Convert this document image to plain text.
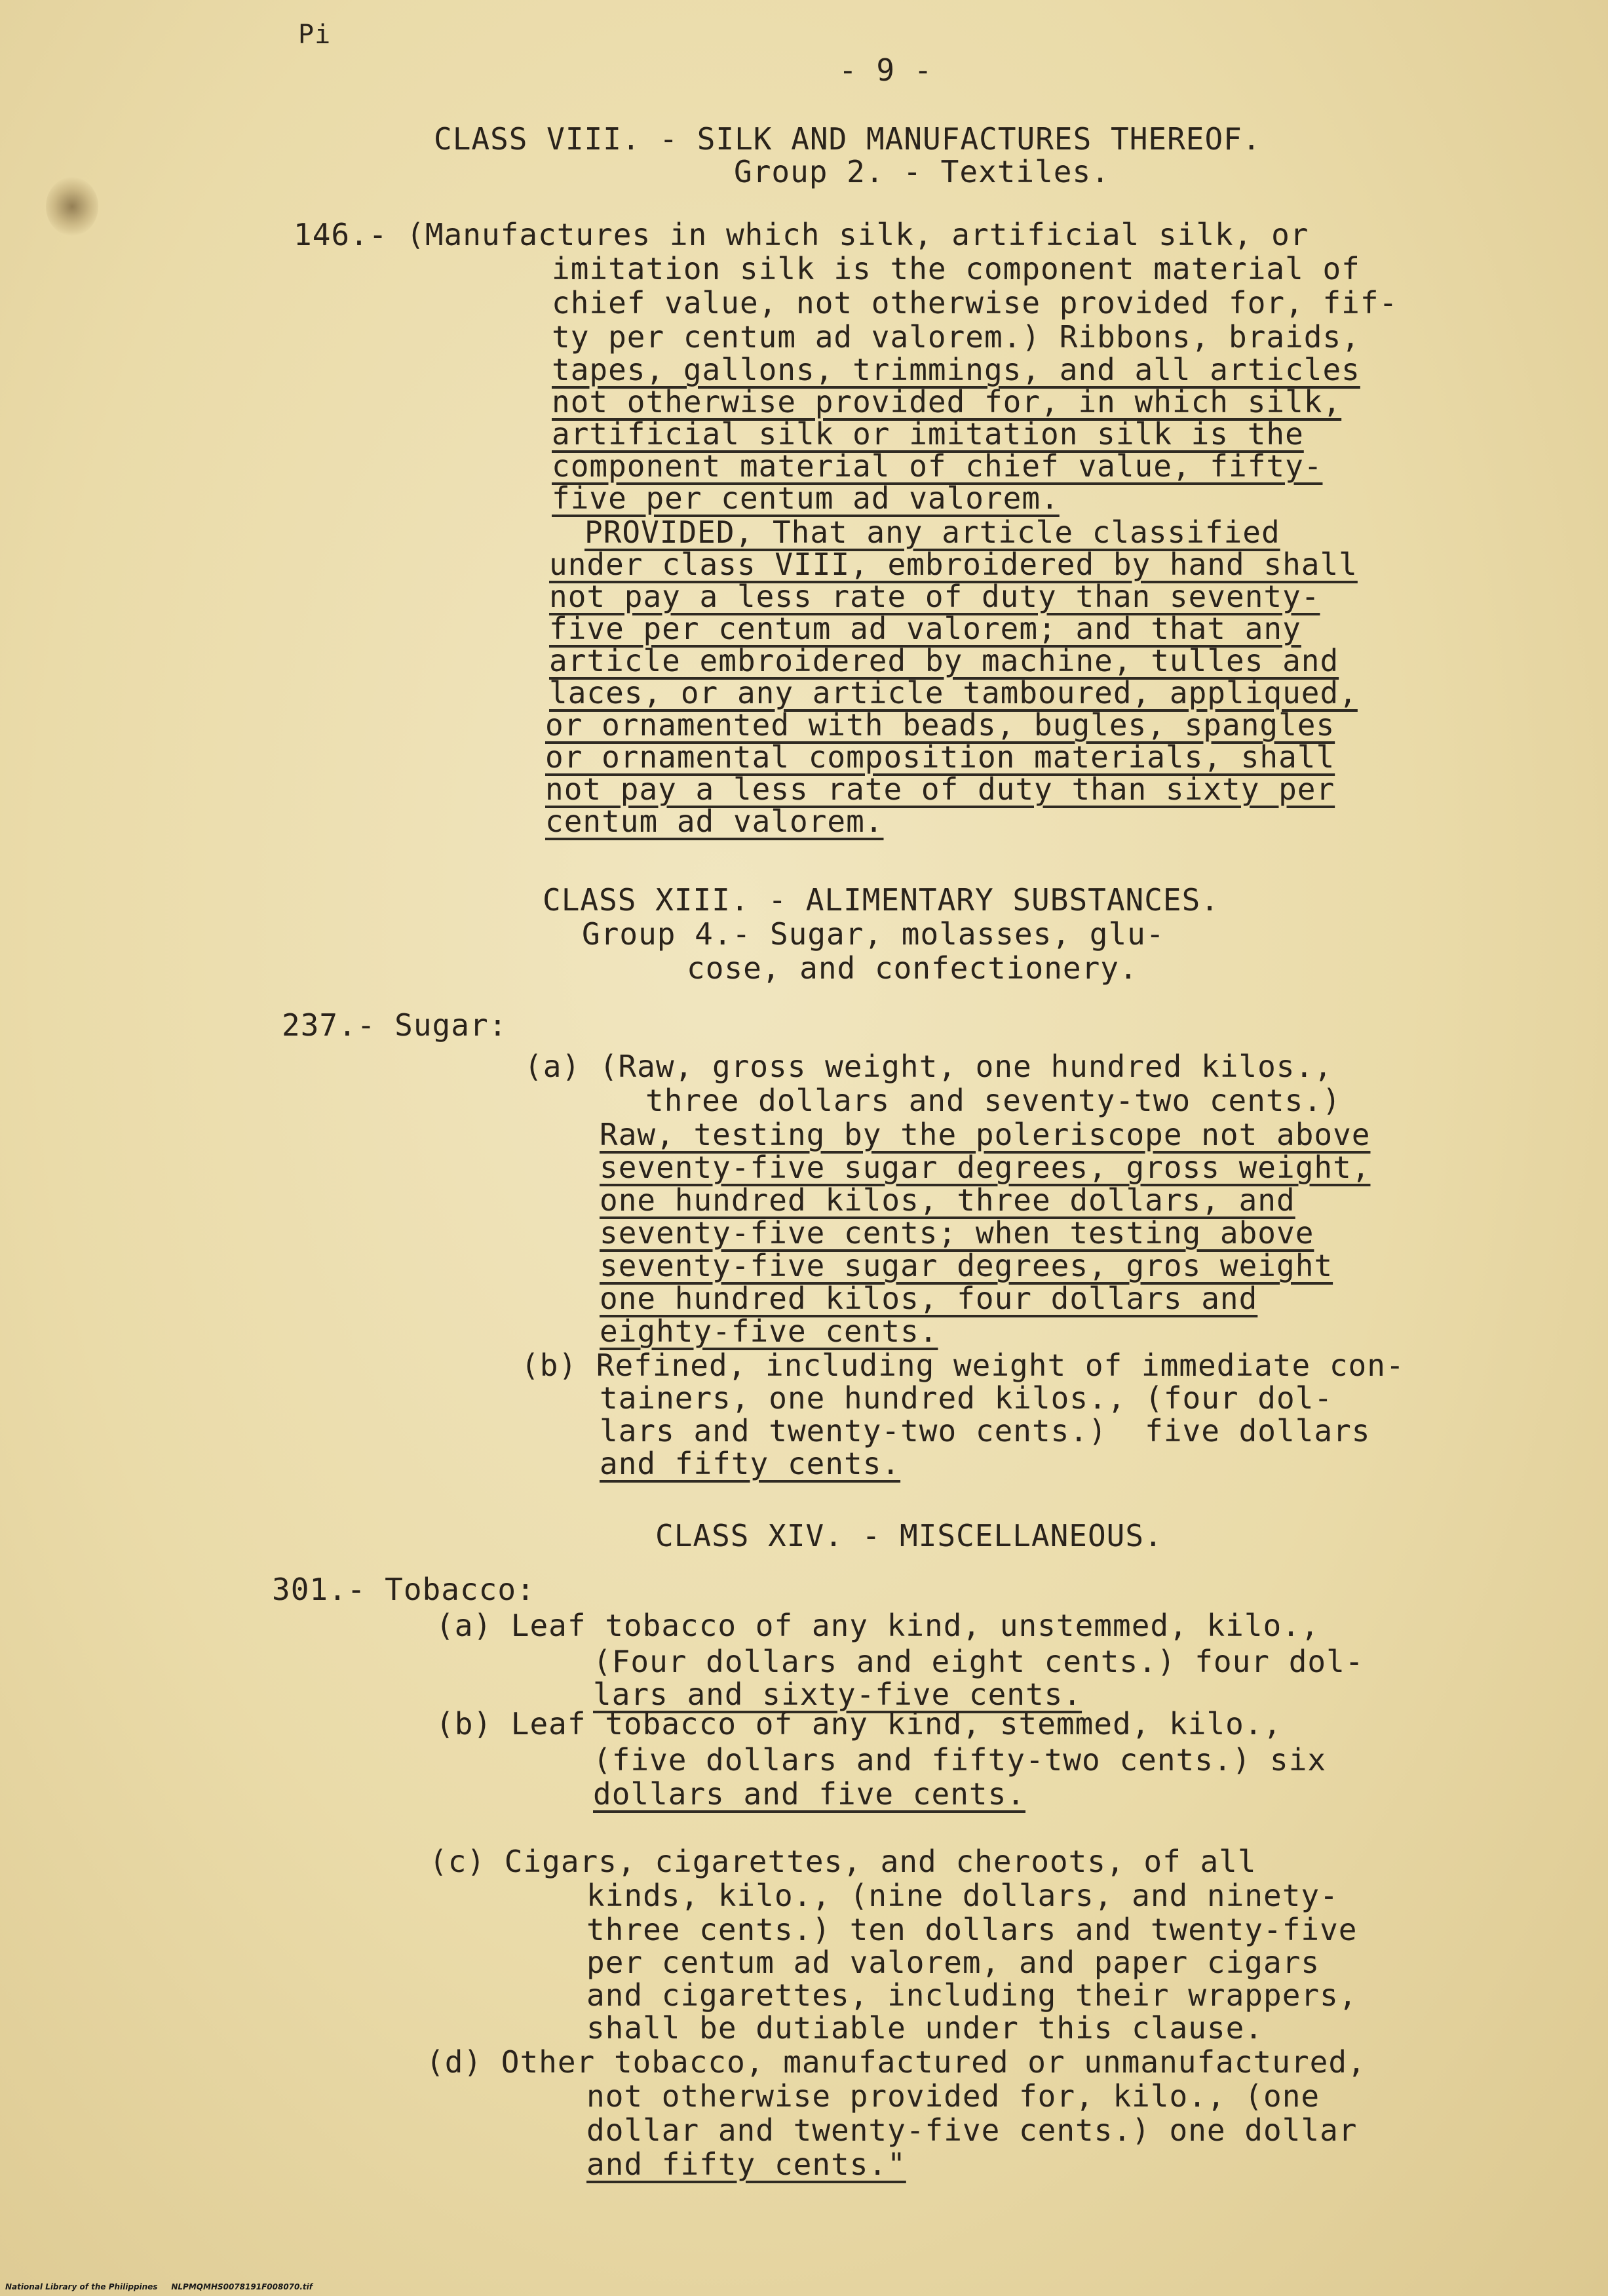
Pi
- 9 -
CLASS VIII. - SILK AND MANUFACTURES THEREOF.
Group 2. - Textiles.
146.- (Manufactures in which silk, artificial silk, or
imitation silk is the component material of
chief value, not otherwise provided for, fif-
ty per centum ad valorem.) Ribbons, braids,
tapes, gallons, trimmings, and all articles
not otherwise provided for, in which silk,
artificial silk or imitation silk is the
component material of chief value, fifty-
five per centum ad valorem.
PROVIDED, That any article classified
under class VIII, embroidered by hand shall
not pay a less rate of duty than seventy-
five per centum ad valorem; and that any
article embroidered by machine, tulles and
laces, or any article tamboured, appliqued,
or ornamented with beads, bugles, spangles
or ornamental composition materials, shall
not pay a less rate of duty than sixty per
centum ad valorem.
CLASS XIII. - ALIMENTARY SUBSTANCES.
Group 4.- Sugar, molasses, glu-
cose, and confectionery.
237.- Sugar:
(a) (Raw, gross weight, one hundred kilos.,
three dollars and seventy-two cents.)
Raw, testing by the poleriscope not above
seventy-five sugar degrees, gross weight,
one hundred kilos, three dollars, and
seventy-five cents; when testing above
seventy-five sugar degrees, gros weight
one hundred kilos, four dollars and
eighty-five cents.
(b) Refined, including weight of immediate con-
tainers, one hundred kilos., (four dol-
lars and twenty-two cents.)  five dollars
and fifty cents.
CLASS XIV. - MISCELLANEOUS.
301.- Tobacco:
(a) Leaf tobacco of any kind, unstemmed, kilo.,
(Four dollars and eight cents.) four dol-
lars and sixty-five cents.
(b) Leaf tobacco of any kind, stemmed, kilo.,
(five dollars and fifty-two cents.) six
dollars and five cents.
(c) Cigars, cigarettes, and cheroots, of all
kinds, kilo., (nine dollars, and ninety-
three cents.) ten dollars and twenty-five
per centum ad valorem, and paper cigars
and cigarettes, including their wrappers,
shall be dutiable under this clause.
(d) Other tobacco, manufactured or unmanufactured,
not otherwise provided for, kilo., (one
dollar and twenty-five cents.) one dollar
and fifty cents."
National Library of the Philippines     NLPMQMHS0078191F008070.tif
